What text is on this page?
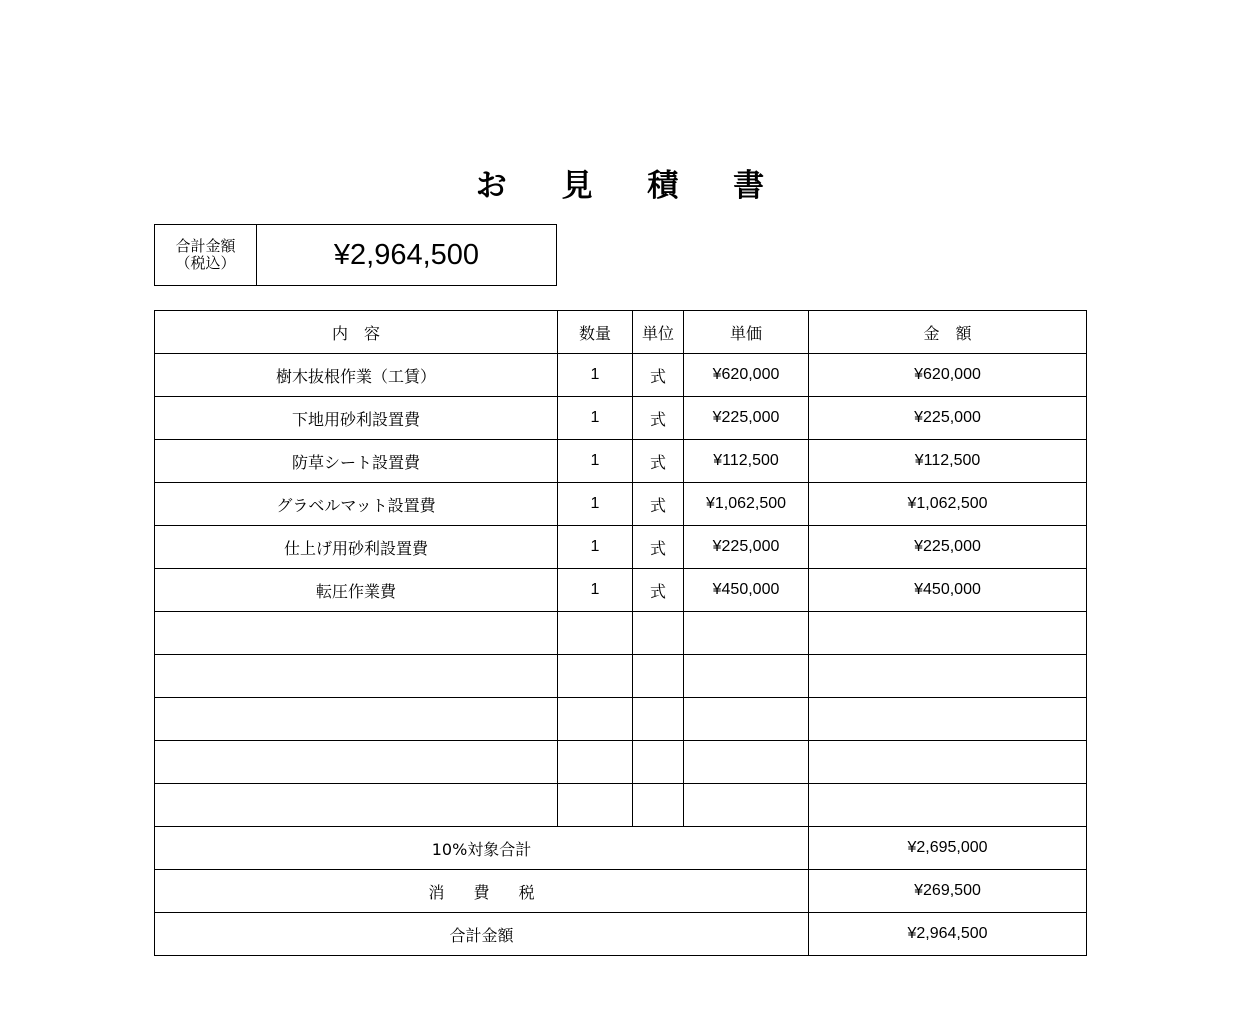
お 見 積 書
合計金額
（税込）	¥2,964,500
内　容	数量	単位	単価	金　額
樹木抜根作業（工賃）	1	式	¥620,000	¥620,000
下地用砂利設置費	1	式	¥225,000	¥225,000
防草シート設置費	1	式	¥112,500	¥112,500
グラベルマット設置費	1	式	¥1,062,500	¥1,062,500
仕上げ用砂利設置費	1	式	¥225,000	¥225,000
転圧作業費	1	式	¥450,000	¥450,000

10%対象合計				¥2,695,000
消 費 税				¥269,500
合計金額				¥2,964,500
